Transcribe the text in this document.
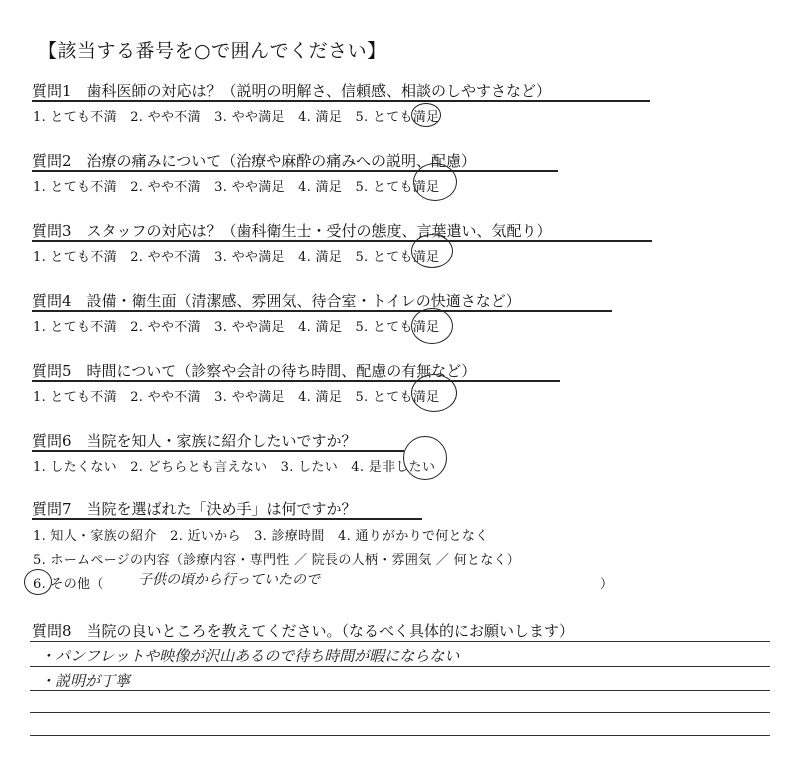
【該当する番号を○で囲んでください】
質問1　歯科医師の対応は？（説明の明解さ、信頼感、相談のしやすさなど）
1. とても不満　2. やや不満　3. やや満足　4. 満足　5. とても満足
質問2　治療の痛みについて（治療や麻酔の痛みへの説明、配慮）
1. とても不満　2. やや不満　3. やや満足　4. 満足　5. とても満足
質問3　スタッフの対応は？（歯科衛生士・受付の態度、言葉遣い、気配り）
1. とても不満　2. やや不満　3. やや満足　4. 満足　5. とても満足
質問4　設備・衛生面（清潔感、雰囲気、待合室・トイレの快適さなど）
1. とても不満　2. やや不満　3. やや満足　4. 満足　5. とても満足
質問5　時間について（診察や会計の待ち時間、配慮の有無など）
1. とても不満　2. やや不満　3. やや満足　4. 満足　5. とても満足
質問6　当院を知人・家族に紹介したいですか？
1. したくない　2. どちらとも言えない　3. したい　4. 是非したい
質問7　当院を選ばれた「決め手」は何ですか？
1. 知人・家族の紹介　2. 近いから　3. 診療時間　4. 通りがかりで何となく
5. ホームページの内容（診療内容・専門性 ／ 院長の人柄・雰囲気 ／ 何となく）
6. その他（ 子供の頃から行っていたので	）
質問8　当院の良いところを教えてください。（なるべく具体的にお願いします）
・パンフレットや映像が沢山あるので待ち時間が暇にならない
・説明が丁寧
